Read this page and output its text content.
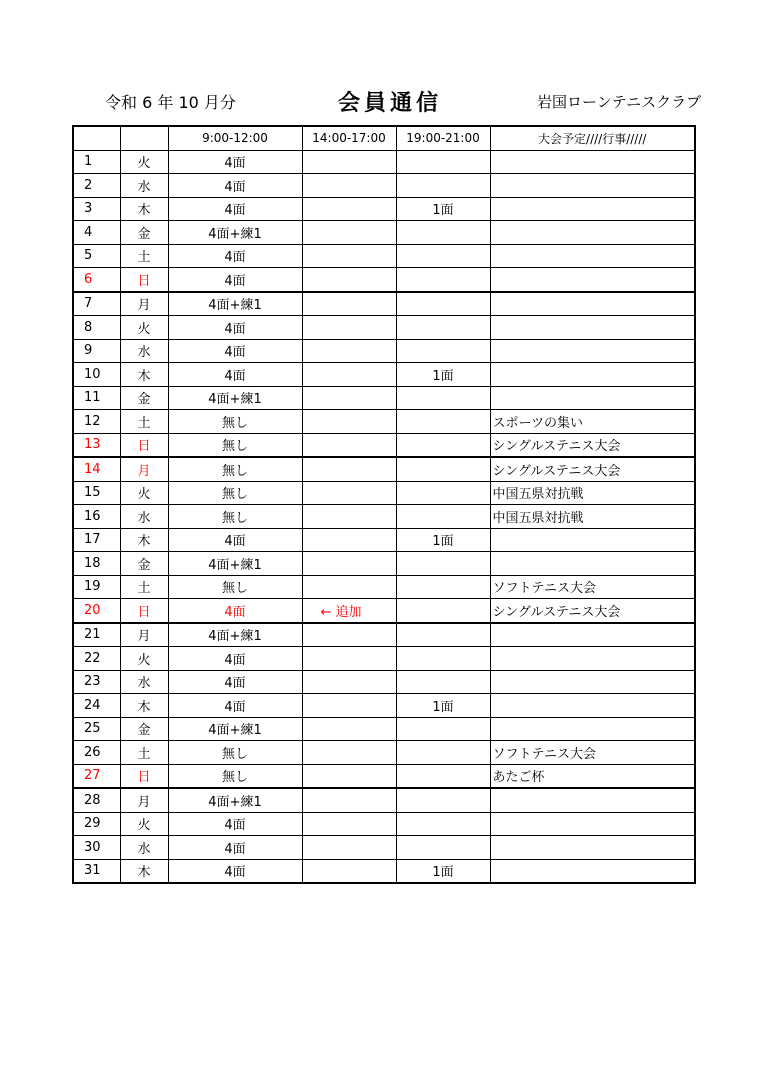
令和 6 年 10 月分	会員通信	岩国ローンテニスクラブ
		9:00-12:00	14:00-17:00	19:00-21:00	大会予定////行事/////
1	火	4面			
2	水	4面			
3	木	4面		1面	
4	金	4面+練1			
5	土	4面			
6	日	4面			
7	月	4面+練1			
8	火	4面			
9	水	4面			
10	木	4面		1面	
11	金	4面+練1			
12	土	無し			スポーツの集い
13	日	無し			シングルステニス大会
14	月	無し			シングルステニス大会
15	火	無し			中国五県対抗戦
16	水	無し			中国五県対抗戦
17	木	4面		1面	
18	金	4面+練1			
19	土	無し			ソフトテニス大会
20	日	4面	← 追加		シングルステニス大会
21	月	4面+練1			
22	火	4面			
23	水	4面			
24	木	4面		1面	
25	金	4面+練1			
26	土	無し			ソフトテニス大会
27	日	無し			あたご杯
28	月	4面+練1			
29	火	4面			
30	水	4面			
31	木	4面		1面	
